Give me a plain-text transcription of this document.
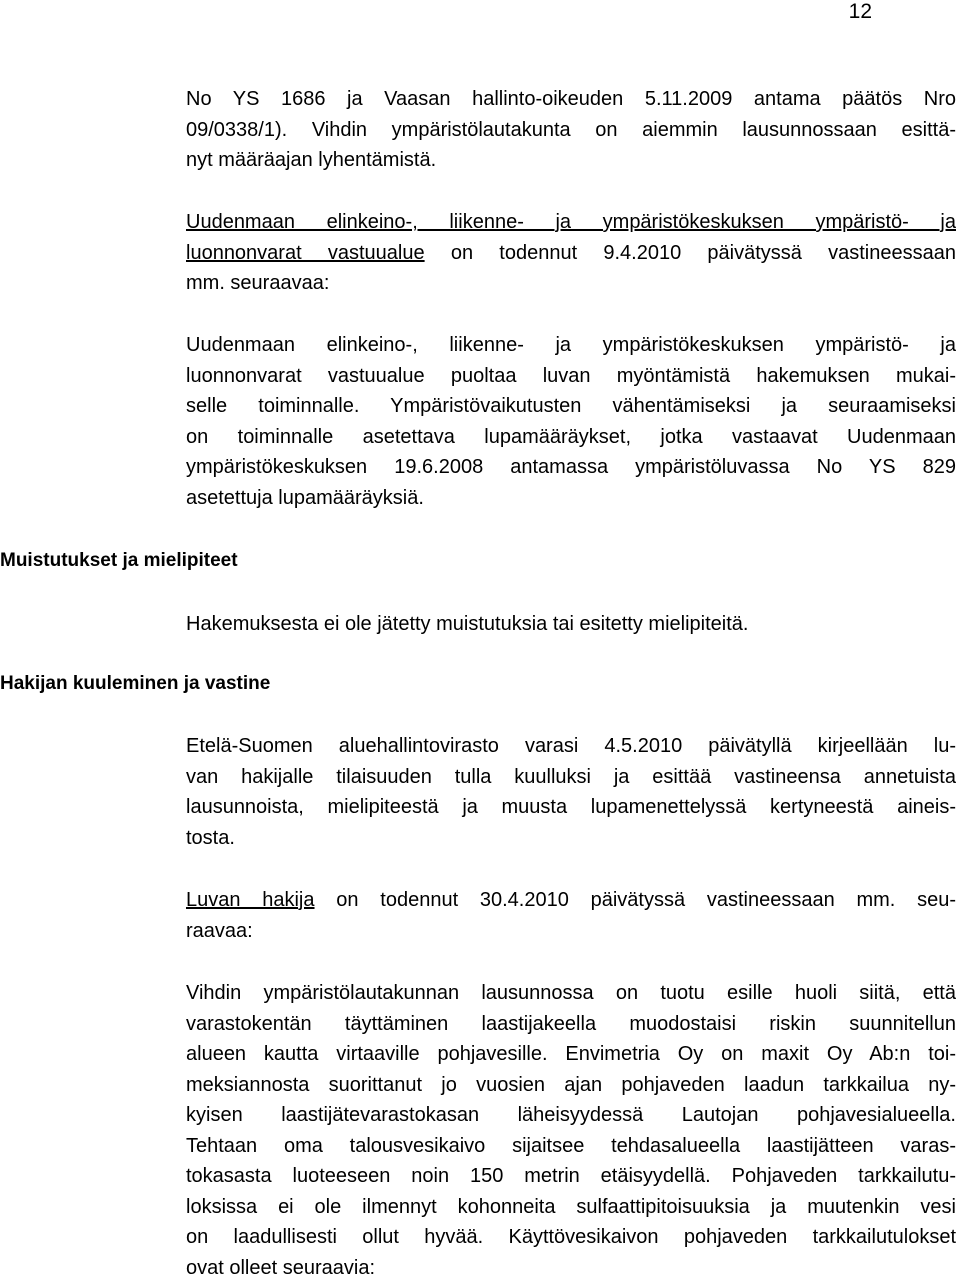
12
Muistutukset ja mielipiteet
Hakijan kuuleminen ja vastine
No YS 1686 ja Vaasan hallinto-oikeuden 5.11.2009 antama päätös Nro
09/0338/1). Vihdin ympäristölautakunta on aiemmin lausunnossaan esittä-
nyt määräajan lyhentämistä.
Uudenmaan elinkeino-, liikenne- ja ympäristökeskuksen ympäristö- ja
luonnonvarat vastuualue on todennut 9.4.2010 päivätyssä vastineessaan
mm. seuraavaa:
Uudenmaan elinkeino-, liikenne- ja ympäristökeskuksen ympäristö- ja
luonnonvarat vastuualue puoltaa luvan myöntämistä hakemuksen mukai-
selle toiminnalle. Ympäristövaikutusten vähentämiseksi ja seuraamiseksi
on toiminnalle asetettava lupamääräykset, jotka vastaavat Uudenmaan
ympäristökeskuksen 19.6.2008 antamassa ympäristöluvassa No YS 829
asetettuja lupamääräyksiä.
Hakemuksesta ei ole jätetty muistutuksia tai esitetty mielipiteitä.
Etelä-Suomen aluehallintovirasto varasi 4.5.2010 päivätyllä kirjeellään lu-
van hakijalle tilaisuuden tulla kuulluksi ja esittää vastineensa annetuista
lausunnoista, mielipiteestä ja muusta lupamenettelyssä kertyneestä aineis-
tosta.
Luvan hakija on todennut 30.4.2010 päivätyssä vastineessaan mm. seu-
raavaa:
Vihdin ympäristölautakunnan lausunnossa on tuotu esille huoli siitä, että
varastokentän täyttäminen laastijakeella muodostaisi riskin suunnitellun
alueen kautta virtaaville pohjavesille. Envimetria Oy on maxit Oy Ab:n toi-
meksiannosta suorittanut jo vuosien ajan pohjaveden laadun tarkkailua ny-
kyisen laastijätevarastokasan läheisyydessä Lautojan pohjavesialueella.
Tehtaan oma talousvesikaivo sijaitsee tehdasalueella laastijätteen varas-
tokasasta luoteeseen noin 150 metrin etäisyydellä. Pohjaveden tarkkailutu-
loksissa ei ole ilmennyt kohonneita sulfaattipitoisuuksia ja muutenkin vesi
on laadullisesti ollut hyvää. Käyttövesikaivon pohjaveden tarkkailutulokset
ovat olleet seuraavia:
